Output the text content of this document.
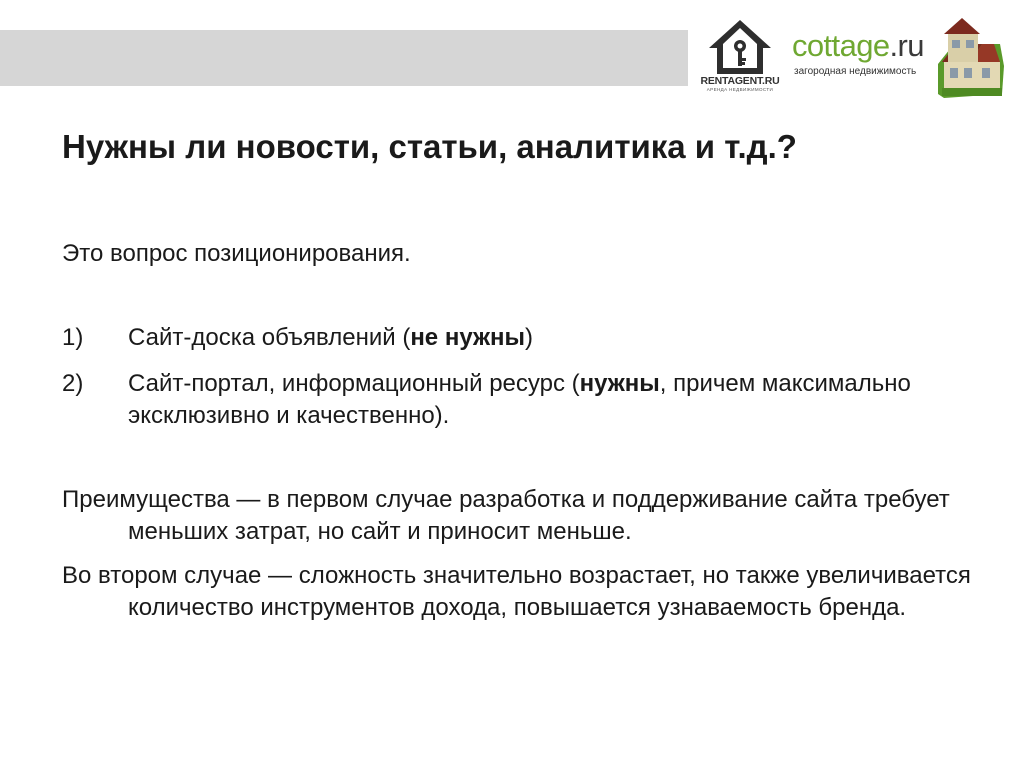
RENTAGENT.RU
АРЕНДА НЕДВИЖИМОСТИ
cottage.ru
загородная недвижимость
Нужны ли новости, статьи, аналитика и т.д.?

Это вопрос позиционирования.

1) Сайт-доска объявлений (не нужны)

2) Сайт-портал, информационный ресурс (нужны, причем максимально эксклюзивно и качественно).

Преимущества — в первом случае разработка и поддерживание сайта требует меньших затрат, но сайт и приносит меньше.

Во втором случае — сложность значительно возрастает, но также увеличивается количество инструментов дохода, повышается узнаваемость бренда.
